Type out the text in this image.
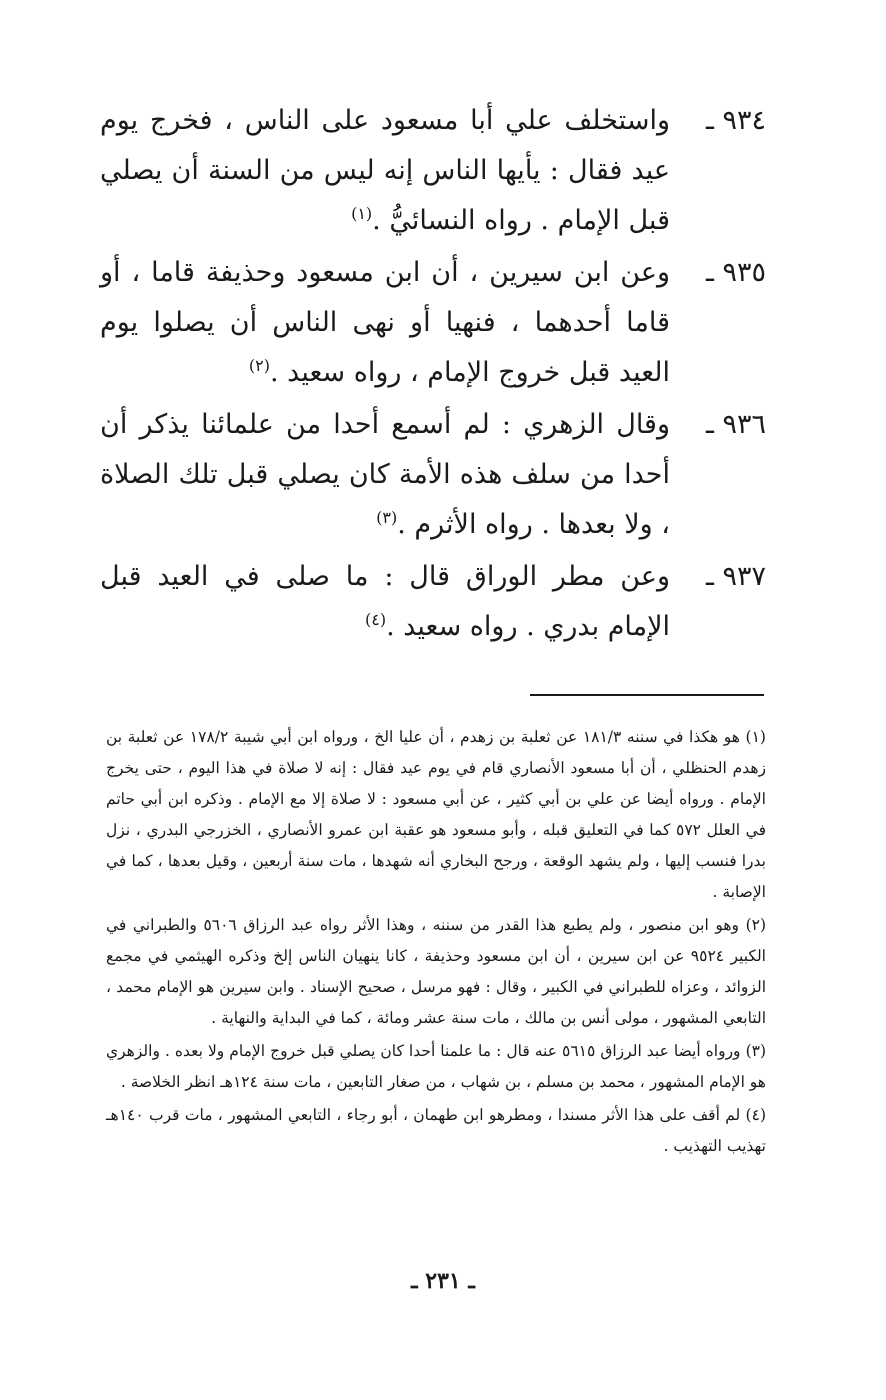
٩٣٤ ـ
واستخلف علي أبا مسعود على الناس ، فخرج يوم عيد فقال : يأيها الناس إنه ليس من السنة أن يصلي قبل الإمام . رواه النسائيُّ .$^{(١)}$
٩٣٥ ـ
وعن ابن سيرين ، أن ابن مسعود وحذيفة قاما ، أو قاما أحدهما ، فنهيا أو نهى الناس أن يصلوا يوم العيد قبل خروج الإمام ، رواه سعيد .$^{(٢)}$
٩٣٦ ـ
وقال الزهري : لم أسمع أحدا من علمائنا يذكر أن أحدا من سلف هذه الأمة كان يصلي قبل تلك الصلاة ، ولا بعدها . رواه الأثرم .$^{(٣)}$
٩٣٧ ـ
وعن مطر الوراق قال : ما صلى في العيد قبل الإمام بدري . رواه سعيد .$^{(٤)}$
(١) هو هكذا في سننه ١٨١/٣ عن ثعلبة بن زهدم ، أن عليا الخ ، ورواه ابن أبي شيبة ١٧٨/٢ عن ثعلبة بن زهدم الحنظلي ، أن أبا مسعود الأنصاري قام في يوم عيد فقال : إنه لا صلاة في هذا اليوم ، حتى يخرج الإمام . ورواه أيضا عن علي بن أبي كثير ، عن أبي مسعود : لا صلاة إلا مع الإمام . وذكره ابن أبي حاتم في العلل ٥٧٢ كما في التعليق قبله ، وأبو مسعود هو عقبة ابن عمرو الأنصاري ، الخزرجي البدري ، نزل بدرا فنسب إليها ، ولم يشهد الوقعة ، ورجح البخاري أنه شهدها ، مات سنة أربعين ، وقيل بعدها ، كما في الإصابة .
(٢) وهو ابن منصور ، ولم يطبع هذا القدر من سننه ، وهذا الأثر رواه عبد الرزاق ٥٦٠٦ والطبراني في الكبير ٩٥٢٤ عن ابن سيرين ، أن ابن مسعود وحذيفة ، كانا ينهيان الناس إلخ وذكره الهيثمي في مجمع الزوائد ، وعزاه للطبراني في الكبير ، وقال : فهو مرسل ، صحيح الإسناد . وابن سيرين هو الإمام محمد ، التابعي المشهور ، مولى أنس بن مالك ، مات سنة عشر ومائة ، كما في البداية والنهاية .
(٣) ورواه أيضا عبد الرزاق ٥٦١٥ عنه قال : ما علمنا أحدا كان يصلي قبل خروج الإمام ولا بعده . والزهري هو الإمام المشهور ، محمد بن مسلم ، بن شهاب ، من صغار التابعين ، مات سنة ١٢٤هـ انظر الخلاصة .
(٤) لم أقف على هذا الأثر مسندا ، ومطرهو ابن طهمان ، أبو رجاء ، التابعي المشهور ، مات قرب ١٤٠هـ تهذيب التهذيب .
ـ ٢٣١ ـ
